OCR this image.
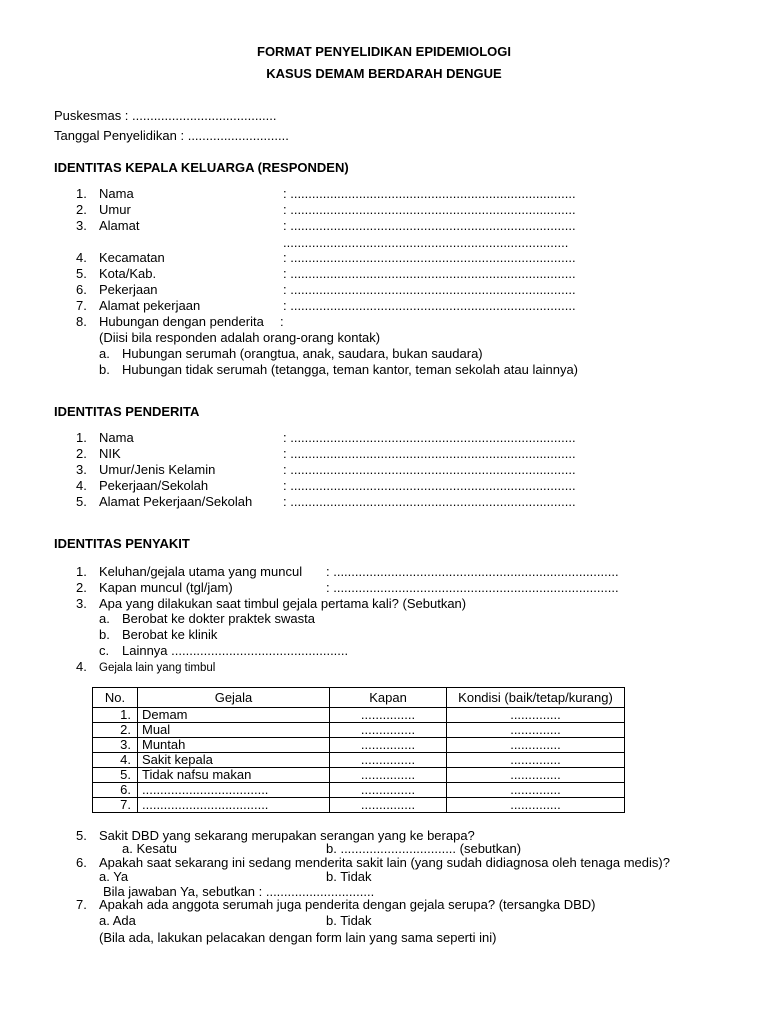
FORMAT PENYELIDIKAN EPIDEMIOLOGI
KASUS DEMAM BERDARAH DENGUE
Puskesmas : ........................................
Tanggal Penyelidikan : ............................
IDENTITAS KEPALA KELUARGA (RESPONDEN)
1. Nama	: ...............................................................................
2. Umur	: ...............................................................................
3. Alamat	: ...............................................................................
...............................................................................
4. Kecamatan	: ...............................................................................
5. Kota/Kab.	: ...............................................................................
6. Pekerjaan	: ...............................................................................
7. Alamat pekerjaan	: ...............................................................................
8. Hubungan dengan penderita :
(Diisi bila responden adalah orang-orang kontak)
a. Hubungan serumah (orangtua, anak, saudara, bukan saudara)
b. Hubungan tidak serumah (tetangga, teman kantor, teman sekolah atau lainnya)
IDENTITAS PENDERITA
1. Nama	: ...............................................................................
2. NIK	: ...............................................................................
3. Umur/Jenis Kelamin	: ...............................................................................
4. Pekerjaan/Sekolah	: ...............................................................................
5. Alamat Pekerjaan/Sekolah : ...............................................................................
IDENTITAS PENYAKIT
1. Keluhan/gejala utama yang muncul : ...............................................................................
2. Kapan muncul (tgl/jam)	: ...............................................................................
3. Apa yang dilakukan saat timbul gejala pertama kali? (Sebutkan)
a. Berobat ke dokter praktek swasta
b. Berobat ke klinik
c. Lainnya .................................................
4. Gejala lain yang timbul
No.	Gejala	Kapan	Kondisi (baik/tetap/kurang)
1.	Demam	...............	..............
2.	Mual	...............	..............
3.	Muntah	...............	..............
4.	Sakit kepala	...............	..............
5.	Tidak nafsu makan	...............	..............
6.	...................................	...............	..............
7.	...................................	...............	..............
5. Sakit DBD yang sekarang merupakan serangan yang ke berapa?
a. Kesatu	b. ................................ (sebutkan)
6. Apakah saat sekarang ini sedang menderita sakit lain (yang sudah didiagnosa oleh tenaga medis)?
a. Ya	b. Tidak
Bila jawaban Ya, sebutkan : ..............................
7. Apakah ada anggota serumah juga penderita dengan gejala serupa? (tersangka DBD)
a. Ada	b. Tidak
(Bila ada, lakukan pelacakan dengan form lain yang sama seperti ini)
